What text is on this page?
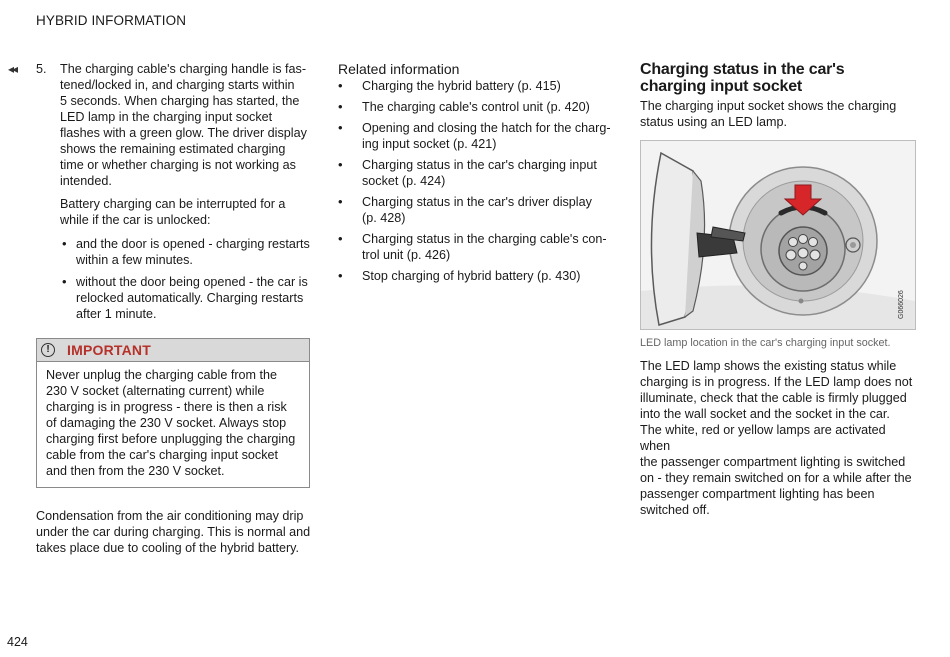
HYBRID INFORMATION
◂◂ 5.	The charging cable's charging handle is fas-

tened/locked in, and charging starts within

5 seconds. When charging has started, the

LED lamp in the charging input socket

flashes with a green glow. The driver display

shows the remaining estimated charging

time or whether charging is not working as

intended.

Battery charging can be interrupted for a

while if the car is unlocked:

• and the door is opened - charging restarts

within a few minutes.

• without the door being opened - the car is

relocked automatically. Charging restarts

after 1 minute.

!	IMPORTANT

Never unplug the charging cable from the

230 V socket (alternating current) while

charging is in progress - there is then a risk

of damaging the 230 V socket. Always stop

charging first before unplugging the charging

cable from the car's charging input socket

and then from the 230 V socket.

Condensation from the air conditioning may drip

under the car during charging. This is normal and

takes place due to cooling of the hybrid battery.

Related information

• Charging the hybrid battery (p. 415)

• The charging cable's control unit (p. 420)

• Opening and closing the hatch for the charg-

ing input socket (p. 421)

• Charging status in the car's charging input

socket (p. 424)

• Charging status in the car's driver display

(p. 428)

• Charging status in the charging cable's con-

trol unit (p. 426)

• Stop charging of hybrid battery (p. 430)

Charging status in the car's
charging input socket

The charging input socket shows the charging

status using an LED lamp.

G066026
LED lamp location in the car's charging input socket.

The LED lamp shows the existing status while

charging is in progress. If the LED lamp does not

illuminate, check that the cable is firmly plugged

into the wall socket and the socket in the car.

The white, red or yellow lamps are activated when

the passenger compartment lighting is switched

on - they remain switched on for a while after the

passenger compartment lighting has been

switched off.

424
